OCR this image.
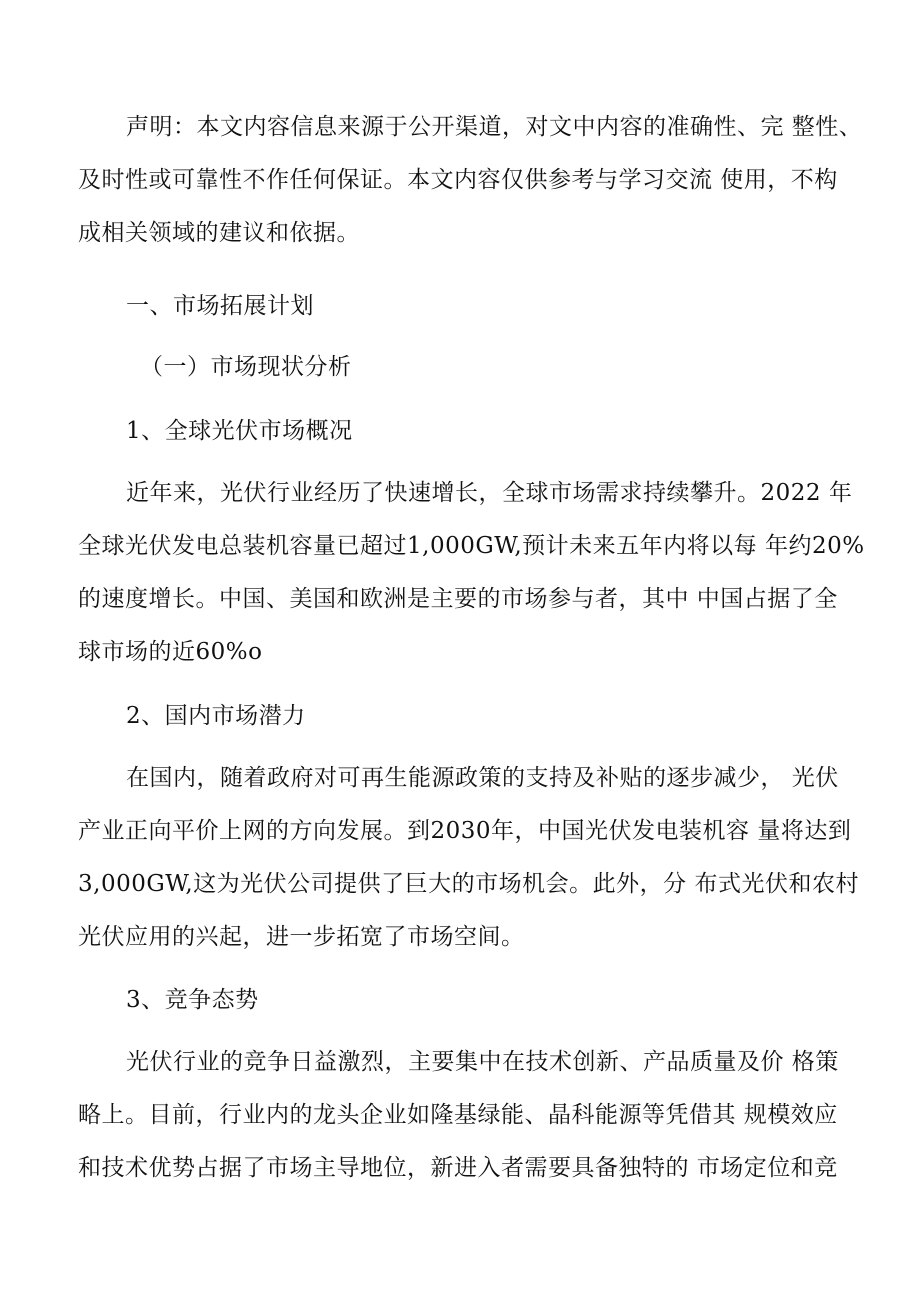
声明：本文内容信息来源于公开渠道，对文中内容的准确性、完 整性、
及时性或可靠性不作任何保证。本文内容仅供参考与学习交流 使用，不构
成相关领域的建议和依据。
一、市场拓展计划
（一）市场现状分析
1、全球光伏市场概况
近年来，光伏行业经历了快速增长，全球市场需求持续攀升。2022 年
全球光伏发电总装机容量已超过1,000GW,预计未来五年内将以每 年约20%
的速度增长。中国、美国和欧洲是主要的市场参与者，其中 中国占据了全
球市场的近60%o
2、国内市场潜力
在国内，随着政府对可再生能源政策的支持及补贴的逐步减少， 光伏
产业正向平价上网的方向发展。到2030年，中国光伏发电装机容 量将达到
3,000GW,这为光伏公司提供了巨大的市场机会。此外，分 布式光伏和农村
光伏应用的兴起，进一步拓宽了市场空间。
3、竞争态势
光伏行业的竞争日益激烈，主要集中在技术创新、产品质量及价 格策
略上。目前，行业内的龙头企业如隆基绿能、晶科能源等凭借其 规模效应
和技术优势占据了市场主导地位，新进入者需要具备独特的 市场定位和竞
